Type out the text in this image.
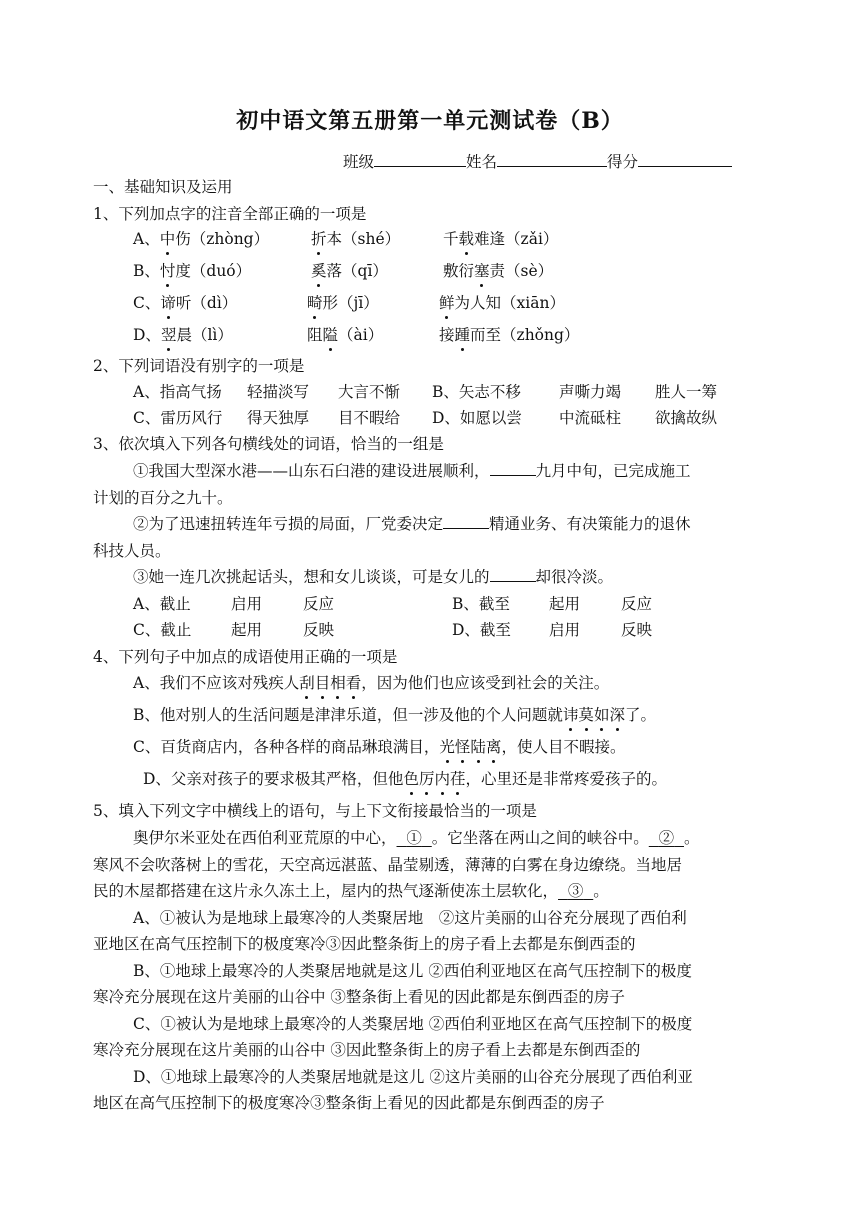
初中语文第五册第一单元测试卷（B）
班级	姓名	得分
一、基础知识及运用
1、下列加点字的注音全部正确的一项是
A、中伤（zhòng）	折本（shé）	千载难逢（zǎi）
B、忖度（duó）	奚落（qī）	敷衍塞责（sè）
C、谛听（dì）	畸形（jī）	鲜为人知（xiān）
D、翌晨（lì）	阻隘（ài）	接踵而至（zhǒng）
2、下列词语没有别字的一项是
A、指高气扬 轻描淡写 大言不惭 B、矢志不移 声嘶力竭 胜人一筹
C、雷历风行 得天独厚 目不暇给 D、如愿以尝 中流砥柱 欲擒故纵
3、依次填入下列各句横线处的词语，恰当的一组是
①我国大型深水港——山东石臼港的建设进展顺利，	九月中旬，已完成施工
计划的百分之九十。
②为了迅速扭转连年亏损的局面，厂党委决定	精通业务、有决策能力的退休
科技人员。
③她一连几次挑起话头，想和女儿谈谈，可是女儿的	却很冷淡。
A、截止	启用	反应	B、截至	起用	反应
C、截止	起用	反映	D、截至 启用	反映
4、下列句子中加点的成语使用正确的一项是
A、我们不应该对残疾人刮目相看，因为他们也应该受到社会的关注。
B、他对别人的生活问题是津津乐道，但一涉及他的个人问题就讳莫如深了。
C、百货商店内，各种各样的商品琳琅满目，光怪陆离，使人目不暇接。
D、父亲对孩子的要求极其严格，但他色厉内荏，心里还是非常疼爱孩子的。
5、填入下列文字中横线上的语句，与上下文衔接最恰当的一项是
奥伊尔米亚处在西伯利亚荒原的中心， ① 。它坐落在两山之间的峡谷中。 ② 。
寒风不会吹落树上的雪花，天空高远湛蓝、晶莹剔透，薄薄的白雾在身边缭绕。当地居
民的木屋都搭建在这片永久冻土上，屋内的热气逐渐使冻土层软化， ③ 。
A、①被认为是地球上最寒冷的人类聚居地　②这片美丽的山谷充分展现了西伯利
亚地区在高气压控制下的极度寒冷③因此整条街上的房子看上去都是东倒西歪的
B、①地球上最寒冷的人类聚居地就是这儿 ②西伯利亚地区在高气压控制下的极度
寒冷充分展现在这片美丽的山谷中 ③整条街上看见的因此都是东倒西歪的房子
C、①被认为是地球上最寒冷的人类聚居地 ②西伯利亚地区在高气压控制下的极度
寒冷充分展现在这片美丽的山谷中 ③因此整条街上的房子看上去都是东倒西歪的
D、①地球上最寒冷的人类聚居地就是这儿 ②这片美丽的山谷充分展现了西伯利亚
地区在高气压控制下的极度寒冷③整条街上看见的因此都是东倒西歪的房子
